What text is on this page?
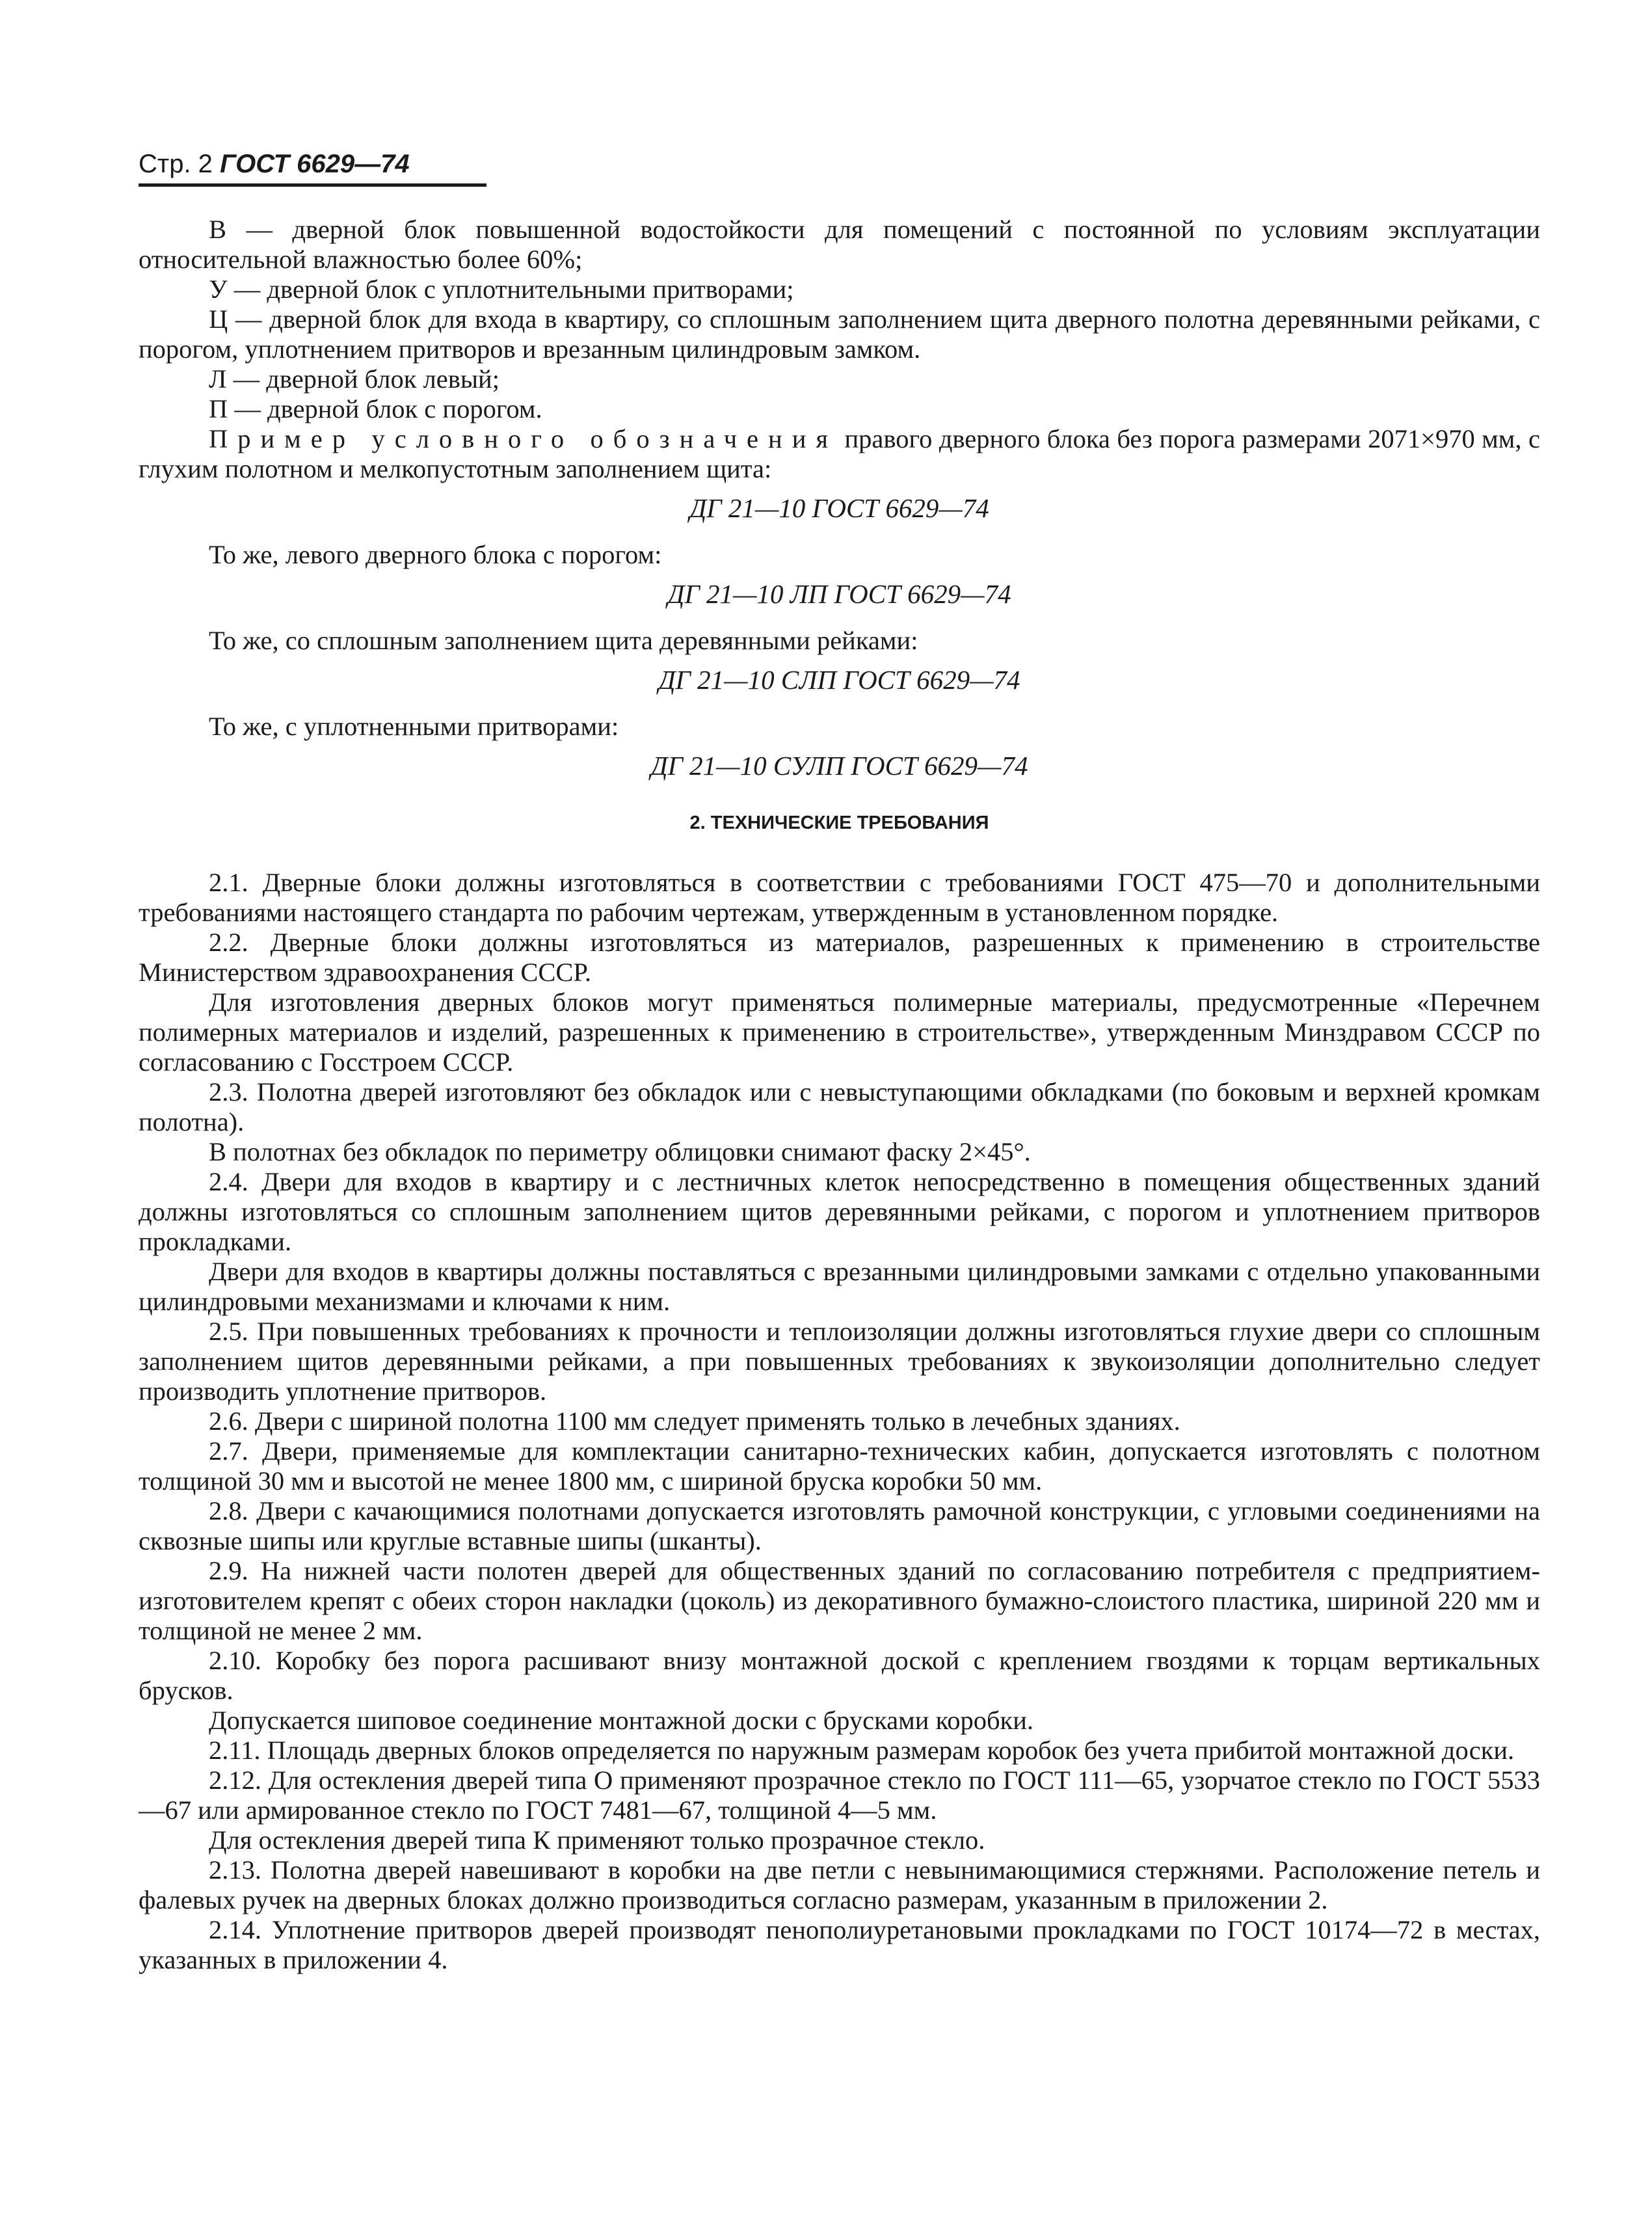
Стр. 2 ГОСТ 6629—74

В — дверной блок повышенной водостойкости для помещений с постоянной по условиям эксплуатации относительной влажностью более 60%;

У — дверной блок с уплотнительными притворами;

Ц — дверной блок для входа в квартиру, со сплошным заполнением щита дверного полотна деревянными рейками, с порогом, уплотнением притворов и врезанным цилиндровым замком.

Л — дверной блок левый;

П — дверной блок с порогом.

Пример условного обозначения правого дверного блока без порога размерами 2071×970 мм, с глухим полотном и мелкопустотным заполнением щита:

ДГ 21—10 ГОСТ 6629—74

То же, левого дверного блока с порогом:

ДГ 21—10 ЛП ГОСТ 6629—74

То же, со сплошным заполнением щита деревянными рейками:

ДГ 21—10 СЛП ГОСТ 6629—74

То же, с уплотненными притворами:

ДГ 21—10 СУЛП ГОСТ 6629—74
2. ТЕХНИЧЕСКИЕ ТРЕБОВАНИЯ

2.1. Дверные блоки должны изготовляться в соответствии с требованиями ГОСТ 475—70 и дополнительными требованиями настоящего стандарта по рабочим чертежам, утвержденным в установленном порядке.

2.2. Дверные блоки должны изготовляться из материалов, разрешенных к применению в строительстве Министерством здравоохранения СССР.

Для изготовления дверных блоков могут применяться полимерные материалы, предусмотренные «Перечнем полимерных материалов и изделий, разрешенных к применению в строительстве», утвержденным Минздравом СССР по согласованию с Госстроем СССР.

2.3. Полотна дверей изготовляют без обкладок или с невыступающими обкладками (по боковым и верхней кромкам полотна).

В полотнах без обкладок по периметру облицовки снимают фаску 2×45°.

2.4. Двери для входов в квартиру и с лестничных клеток непосредственно в помещения общественных зданий должны изготовляться со сплошным заполнением щитов деревянными рейками, с порогом и уплотнением притворов прокладками.

Двери для входов в квартиры должны поставляться с врезанными цилиндровыми замками с отдельно упакованными цилиндровыми механизмами и ключами к ним.

2.5. При повышенных требованиях к прочности и теплоизоляции должны изготовляться глухие двери со сплошным заполнением щитов деревянными рейками, а при повышенных требованиях к звукоизоляции дополнительно следует производить уплотнение притворов.

2.6. Двери с шириной полотна 1100 мм следует применять только в лечебных зданиях.

2.7. Двери, применяемые для комплектации санитарно-технических кабин, допускается изготовлять с полотном толщиной 30 мм и высотой не менее 1800 мм, с шириной бруска коробки 50 мм.

2.8. Двери с качающимися полотнами допускается изготовлять рамочной конструкции, с угловыми соединениями на сквозные шипы или круглые вставные шипы (шканты).

2.9. На нижней части полотен дверей для общественных зданий по согласованию потребителя с предприятием-изготовителем крепят с обеих сторон накладки (цоколь) из декоративного бумажно-слоистого пластика, шириной 220 мм и толщиной не менее 2 мм.

2.10. Коробку без порога расшивают внизу монтажной доской с креплением гвоздями к торцам вертикальных брусков.

Допускается шиповое соединение монтажной доски с брусками коробки.

2.11. Площадь дверных блоков определяется по наружным размерам коробок без учета прибитой монтажной доски.

2.12. Для остекления дверей типа О применяют прозрачное стекло по ГОСТ 111—65, узорчатое стекло по ГОСТ 5533—67 или армированное стекло по ГОСТ 7481—67, толщиной 4—5 мм.

Для остекления дверей типа К применяют только прозрачное стекло.

2.13. Полотна дверей навешивают в коробки на две петли с невынимающимися стержнями. Расположение петель и фалевых ручек на дверных блоках должно производиться согласно размерам, указанным в приложении 2.

2.14. Уплотнение притворов дверей производят пенополиуретановыми прокладками по ГОСТ 10174—72 в местах, указанных в приложении 4.
